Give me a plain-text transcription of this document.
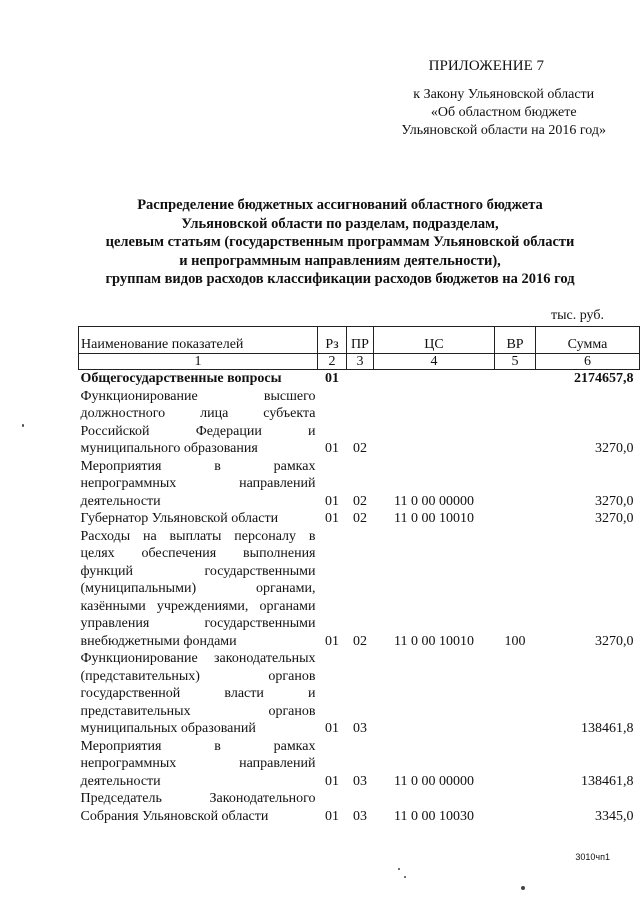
ПРИЛОЖЕНИЕ 7
к Закону Ульяновской области
«Об областном бюджете
Ульяновской области на 2016 год»
Распределение бюджетных ассигнований областного бюджета
Ульяновской области по разделам, подразделам,
целевым статьям (государственным программам Ульяновской области
и непрограммным направлениям деятельности),
группам видов расходов классификации расходов бюджетов на 2016 год
тыс. руб.
Наименование показателей	Рз	ПР	ЦС	ВР	Сумма
1	2	3	4	5	6
Общегосударственные вопросы	01				2174657,8
Функционирование высшего должностного лица субъекта Российской Федерации и муниципального образования	01	02			3270,0
Мероприятия в рамках непрограммных направлений деятельности	01	02	11 0 00 00000		3270,0
Губернатор Ульяновской области	01	02	11 0 00 10010		3270,0
Расходы на выплаты персоналу в целях обеспечения выполнения функций государственными (муниципальными) органами, казёнными учреждениями, органами управления государственными внебюджетными фондами	01	02	11 0 00 10010	100	3270,0
Функционирование законодательных (представительных) органов государственной власти и представительных органов муниципальных образований	01	03			138461,8
Мероприятия в рамках непрограммных направлений деятельности	01	03	11 0 00 00000		138461,8
Председатель Законодательного Собрания Ульяновской области	01	03	11 0 00 10030		3345,0
3010чп1
